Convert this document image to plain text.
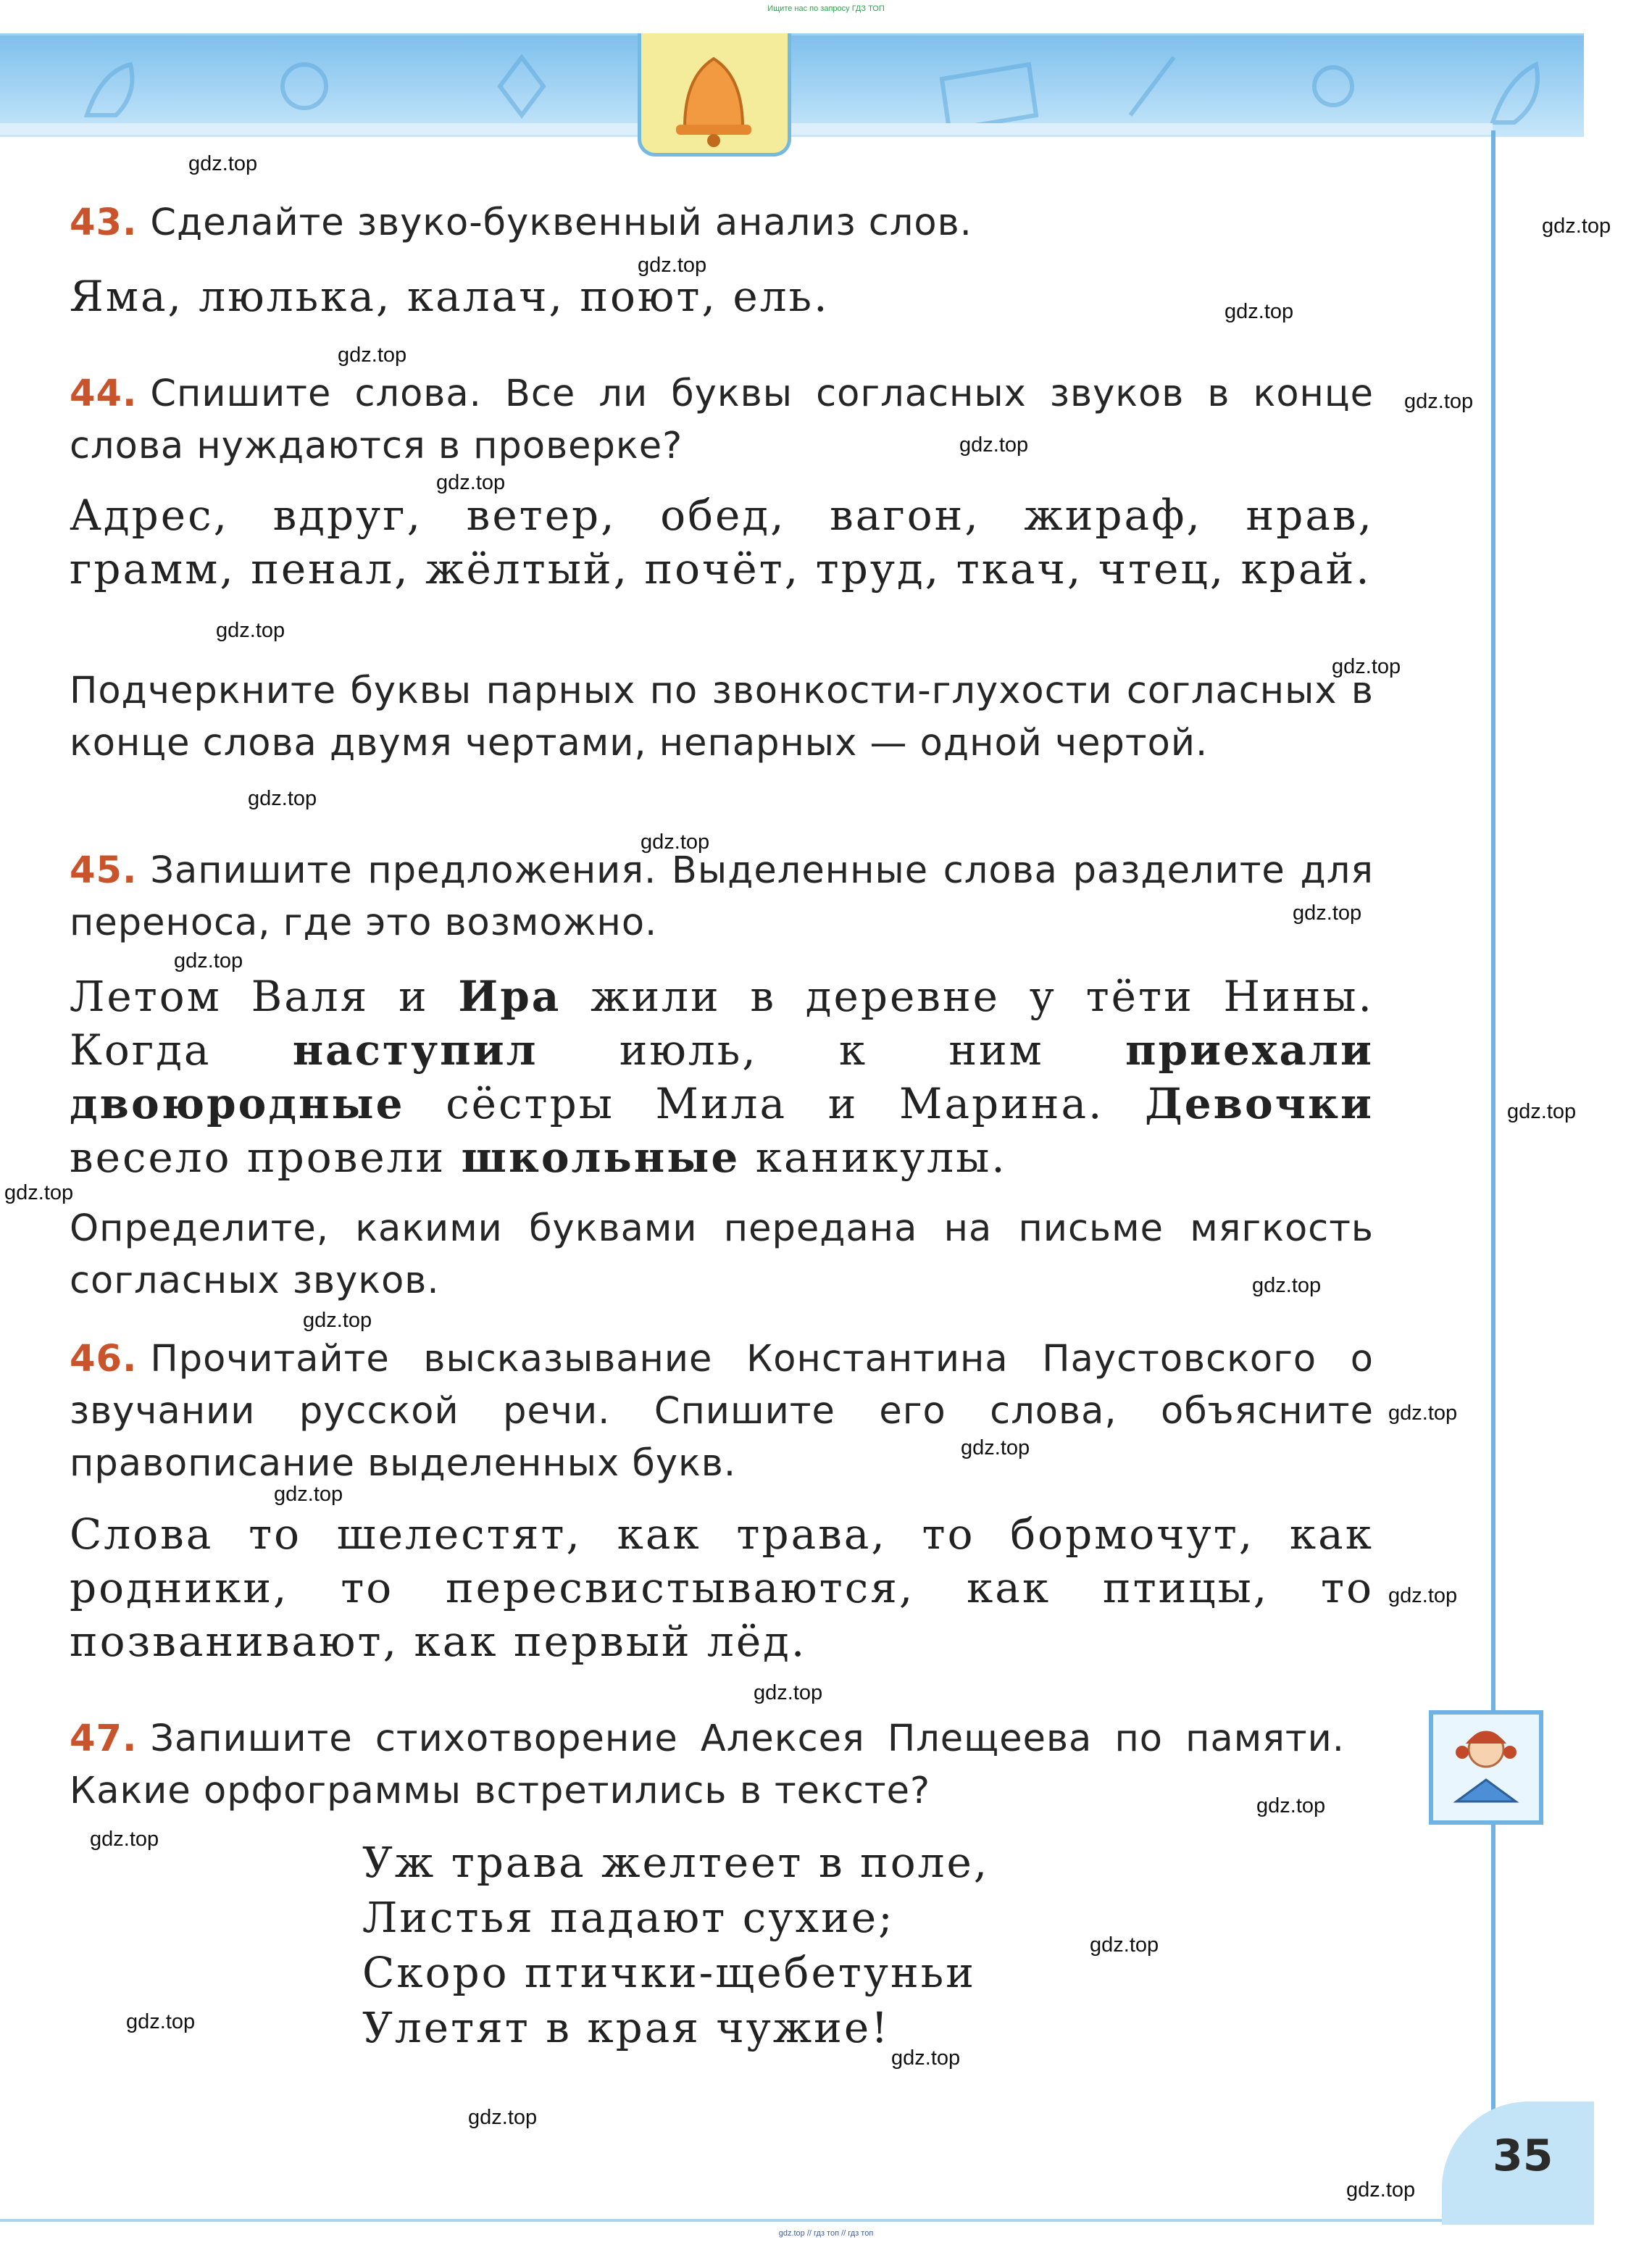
Ищите нас по запросу ГДЗ ТОП
43. Сделайте звуко-буквенный анализ слов.

Яма, люлька, калач, поют, ель.

44. Спишите слова. Все ли буквы согласных звуков в конце слова нуждаются в проверке?

Адрес, вдруг, ветер, обед, вагон, жираф, нрав, грамм, пенал, жёлтый, почёт, труд, ткач, чтец, край.

Подчеркните буквы парных по звонкости-глухости согласных в конце слова двумя чертами, непарных — одной чертой.
45. Запишите предложения. Выделенные слова разделите для переноса, где это возможно.

Летом Валя и Ира жили в деревне у тёти Нины. Когда наступил июль, к ним приехали двоюродные сёстры Мила и Марина. Девочки весело провели школьные каникулы.

Определите, какими буквами передана на письме мягкость согласных звуков.
46. Прочитайте высказывание Константина Паустовского о звучании русской речи. Спишите его слова, объясните правописание выделенных букв.

Слова то шелестят, как трава, то бормочут, как родники, то пересвистываются, как птицы, то позванивают, как первый лёд.

47. Запишите стихотворение Алексея Плещеева по памяти. Какие орфограммы встретились в тексте?
Уж трава желтеет в поле,
Листья падают сухие;
Скоро птички-щебетуньи
Улетят в края чужие!
35
gdz.top
gdz.top
gdz.top
gdz.top
gdz.top
gdz.top
gdz.top
gdz.top
gdz.top
gdz.top
gdz.top
gdz.top
gdz.top
gdz.top
gdz.top
gdz.top
gdz.top
gdz.top
gdz.top
gdz.top
gdz.top
gdz.top
gdz.top
gdz.top
gdz.top
gdz.top
gdz.top
gdz.top
gdz.top
gdz.top
gdz.top // гдз топ // гдз топ
